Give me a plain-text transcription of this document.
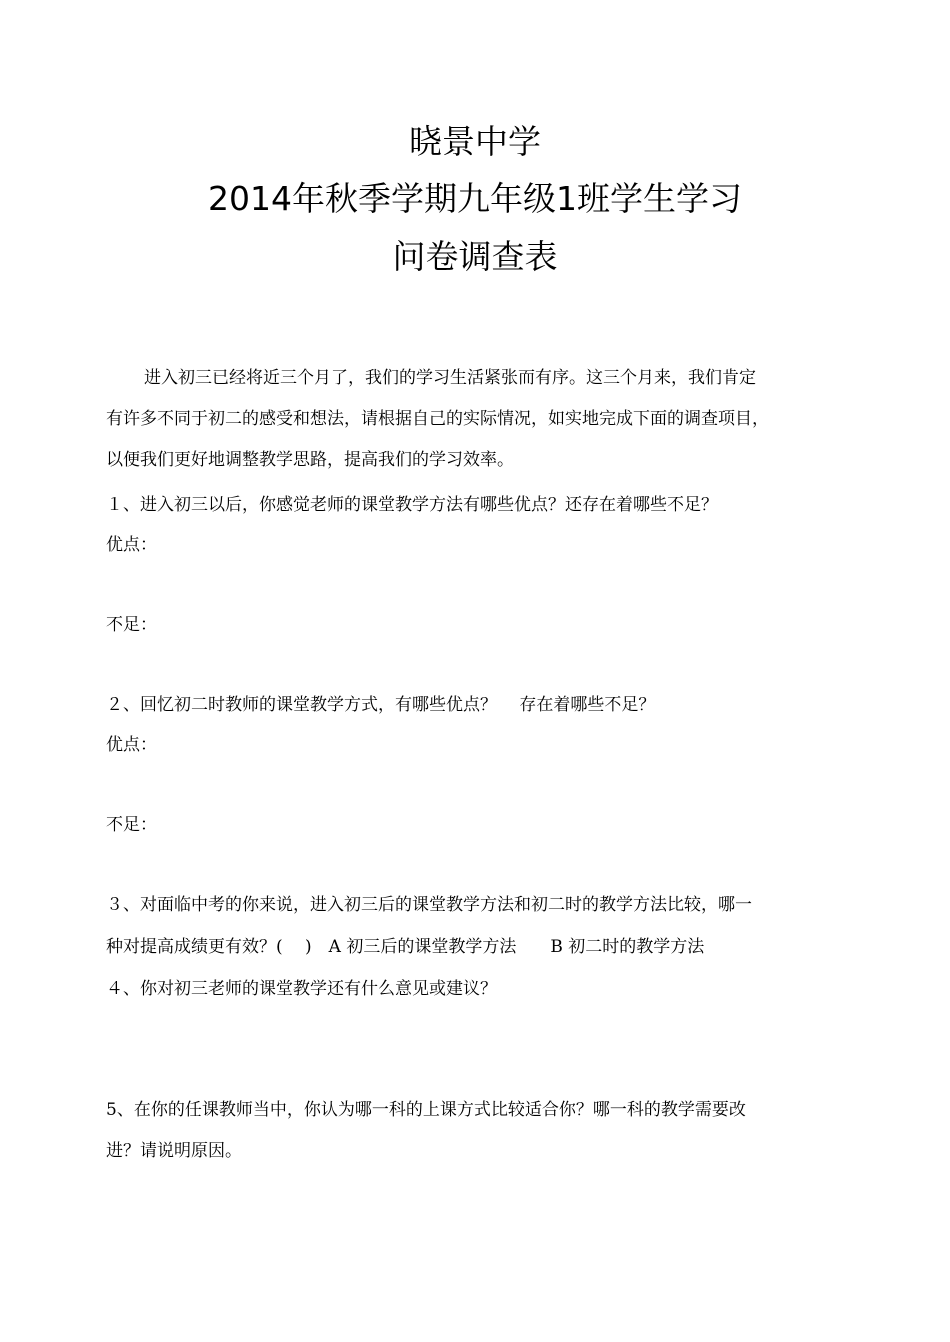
晓景中学
2014年秋季学期九年级1班学生学习
问卷调查表
进入初三已经将近三个月了，我们的学习生活紧张而有序。这三个月来，我们肯定
有许多不同于初二的感受和想法，请根据自己的实际情况，如实地完成下面的调查项目，
以便我们更好地调整教学思路，提高我们的学习效率。
１、进入初三以后，你感觉老师的课堂教学方法有哪些优点？还存在着哪些不足？
优点：
不足：
２、回忆初二时教师的课堂教学方式，有哪些优点？　 存在着哪些不足？
优点：
不足：
３、对面临中考的你来说，进入初三后的课堂教学方法和初二时的教学方法比较，哪一
种对提高成绩更有效？(　 )　A 初三后的课堂教学方法　　B 初二时的教学方法
４、你对初三老师的课堂教学还有什么意见或建议？
5、在你的任课教师当中，你认为哪一科的上课方式比较适合你？哪一科的教学需要改
进？请说明原因。
